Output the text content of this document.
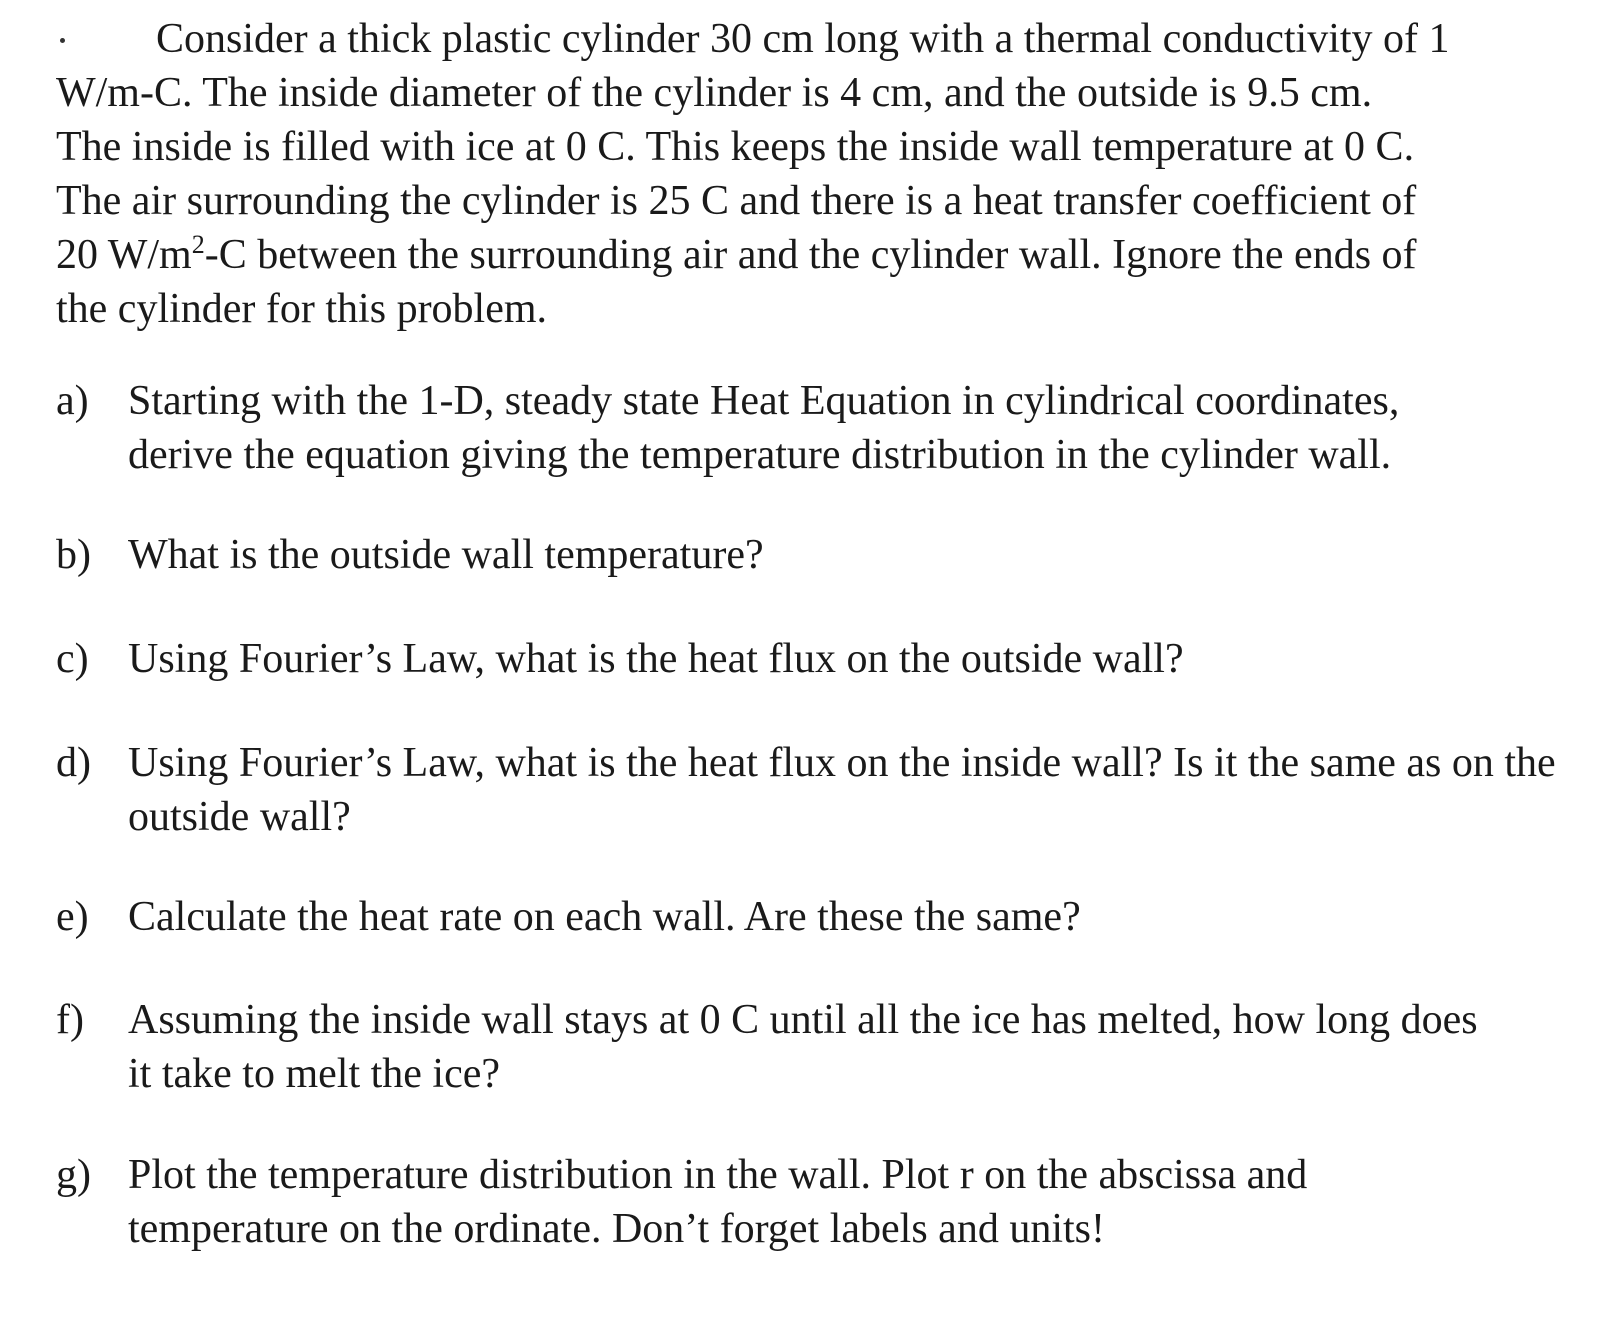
Consider a thick plastic cylinder 30 cm long with a thermal conductivity of 1
W/m-C. The inside diameter of the cylinder is 4 cm, and the outside is 9.5 cm.
The inside is filled with ice at 0 C. This keeps the inside wall temperature at 0 C.
The air surrounding the cylinder is 25 C and there is a heat transfer coefficient of
20 $W/m^2-C$ between the surrounding air and the cylinder wall. Ignore the ends of
the cylinder for this problem.

a) Starting with the 1-D, steady state Heat Equation in cylindrical coordinates, derive the equation giving the temperature distribution in the cylinder wall.
b) What is the outside wall temperature?
c) Using Fourier’s Law, what is the heat flux on the outside wall?
d) Using Fourier’s Law, what is the heat flux on the inside wall? Is it the same as on the outside wall?
e) Calculate the heat rate on each wall. Are these the same?
f)	Assuming the inside wall stays at 0 C until all the ice has melted, how long does it take to melt the ice?
g) Plot the temperature distribution in the wall. Plot r on the abscissa and temperature on the ordinate. Don’t forget labels and units!
